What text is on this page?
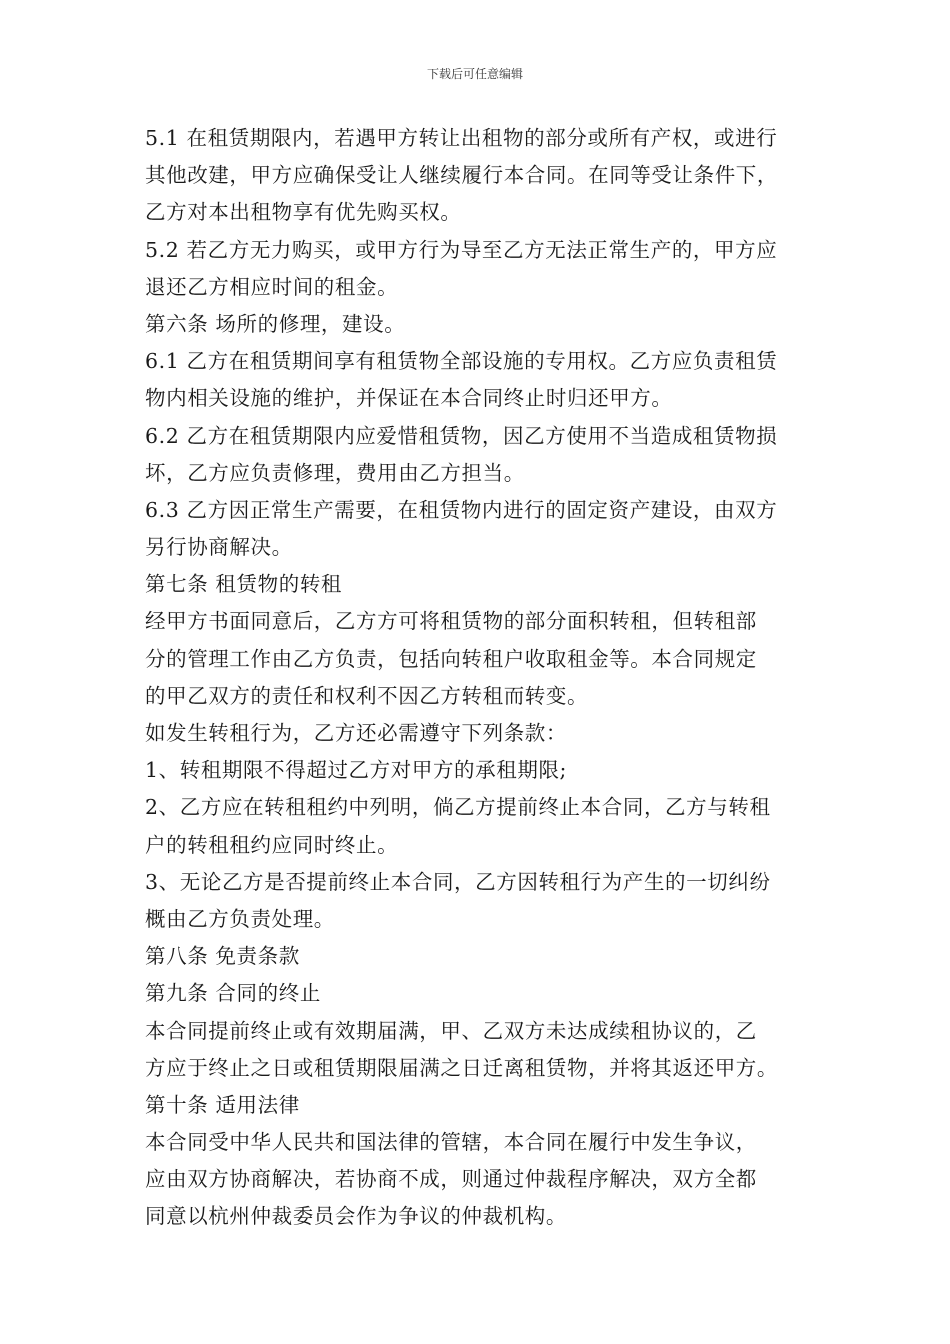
下载后可任意编辑
5.1 在租赁期限内，若遇甲方转让出租物的部分或所有产权，或进行
其他改建，甲方应确保受让人继续履行本合同。在同等受让条件下，
乙方对本出租物享有优先购买权。
5.2 若乙方无力购买，或甲方行为导至乙方无法正常生产的，甲方应
退还乙方相应时间的租金。
第六条 场所的修理，建设。
6.1 乙方在租赁期间享有租赁物全部设施的专用权。乙方应负责租赁
物内相关设施的维护，并保证在本合同终止时归还甲方。
6.2 乙方在租赁期限内应爱惜租赁物，因乙方使用不当造成租赁物损
坏，乙方应负责修理，费用由乙方担当。
6.3 乙方因正常生产需要，在租赁物内进行的固定资产建设，由双方
另行协商解决。
第七条 租赁物的转租
经甲方书面同意后，乙方方可将租赁物的部分面积转租，但转租部
分的管理工作由乙方负责，包括向转租户收取租金等。本合同规定
的甲乙双方的责任和权利不因乙方转租而转变。
如发生转租行为，乙方还必需遵守下列条款：
1、转租期限不得超过乙方对甲方的承租期限;
2、乙方应在转租租约中列明，倘乙方提前终止本合同，乙方与转租
户的转租租约应同时终止。
3、无论乙方是否提前终止本合同，乙方因转租行为产生的一切纠纷
概由乙方负责处理。
第八条 免责条款
第九条 合同的终止
本合同提前终止或有效期届满，甲、乙双方未达成续租协议的，乙
方应于终止之日或租赁期限届满之日迁离租赁物，并将其返还甲方。
第十条 适用法律
本合同受中华人民共和国法律的管辖，本合同在履行中发生争议，
应由双方协商解决，若协商不成，则通过仲裁程序解决，双方全都
同意以杭州仲裁委员会作为争议的仲裁机构。
